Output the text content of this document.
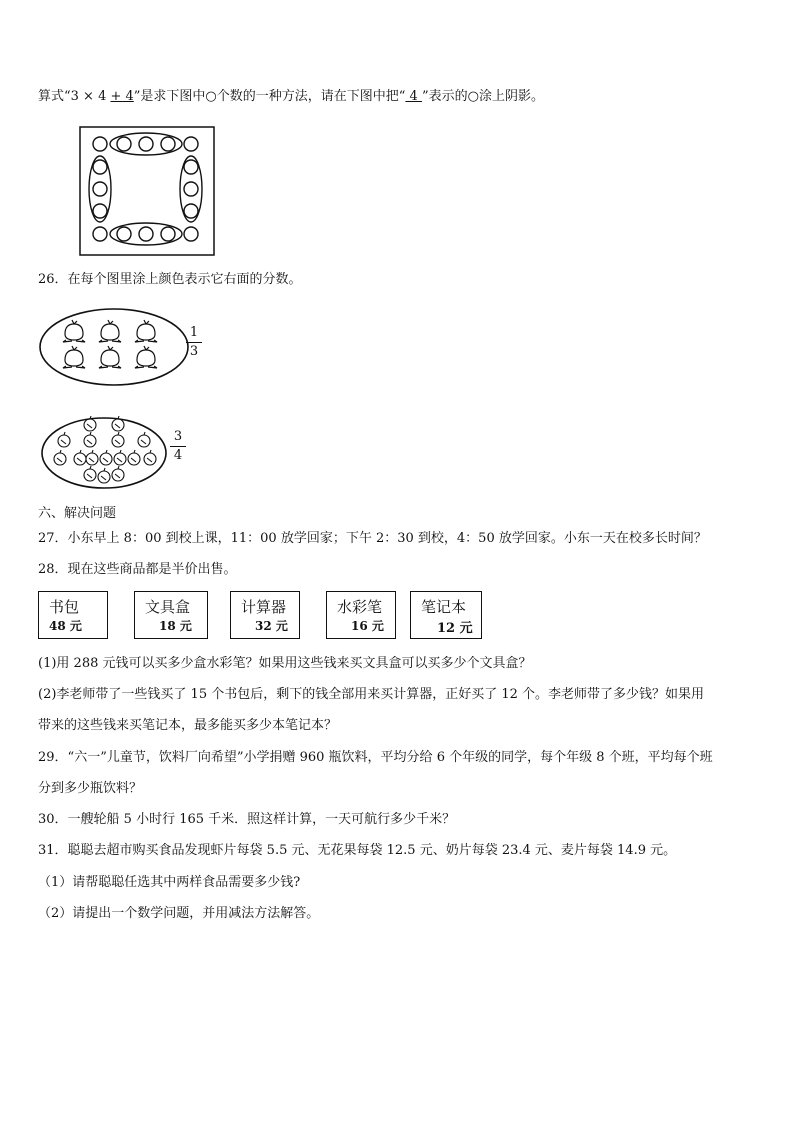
算式“3 × 4 + 4”是求下图中○个数的一种方法，请在下图中把“ 4 ”表示的○涂上阴影。
26．在每个图里涂上颜色表示它右面的分数。
1
3
3
4
六、解决问题
27．小东早上 8：00 到校上课，11：00 放学回家；下午 2：30 到校，4：50 放学回家。小东一天在校多长时间？
28．现在这些商品都是半价出售。
书包
48 元
文具盒
18 元
计算器
32 元
水彩笔
16 元
笔记本
12 元
(1)用 288 元钱可以买多少盒水彩笔？如果用这些钱来买文具盒可以买多少个文具盒？
(2)李老师带了一些钱买了 15 个书包后，剩下的钱全部用来买计算器，正好买了 12 个。李老师带了多少钱？如果用
带来的这些钱来买笔记本，最多能买多少本笔记本？
29．“六一”儿童节，饮料厂向希望”小学捐赠 960 瓶饮料，平均分给 6 个年级的同学，每个年级 8 个班，平均每个班
分到多少瓶饮料？
30．一艘轮船 5 小时行 165 千米．照这样计算，一天可航行多少千米？
31．聪聪去超市购买食品发现虾片每袋 5.5 元、无花果每袋 12.5 元、奶片每袋 23.4 元、麦片每袋 14.9 元。
（1）请帮聪聪任选其中两样食品需要多少钱?
（2）请提出一个数学问题，并用减法方法解答。
